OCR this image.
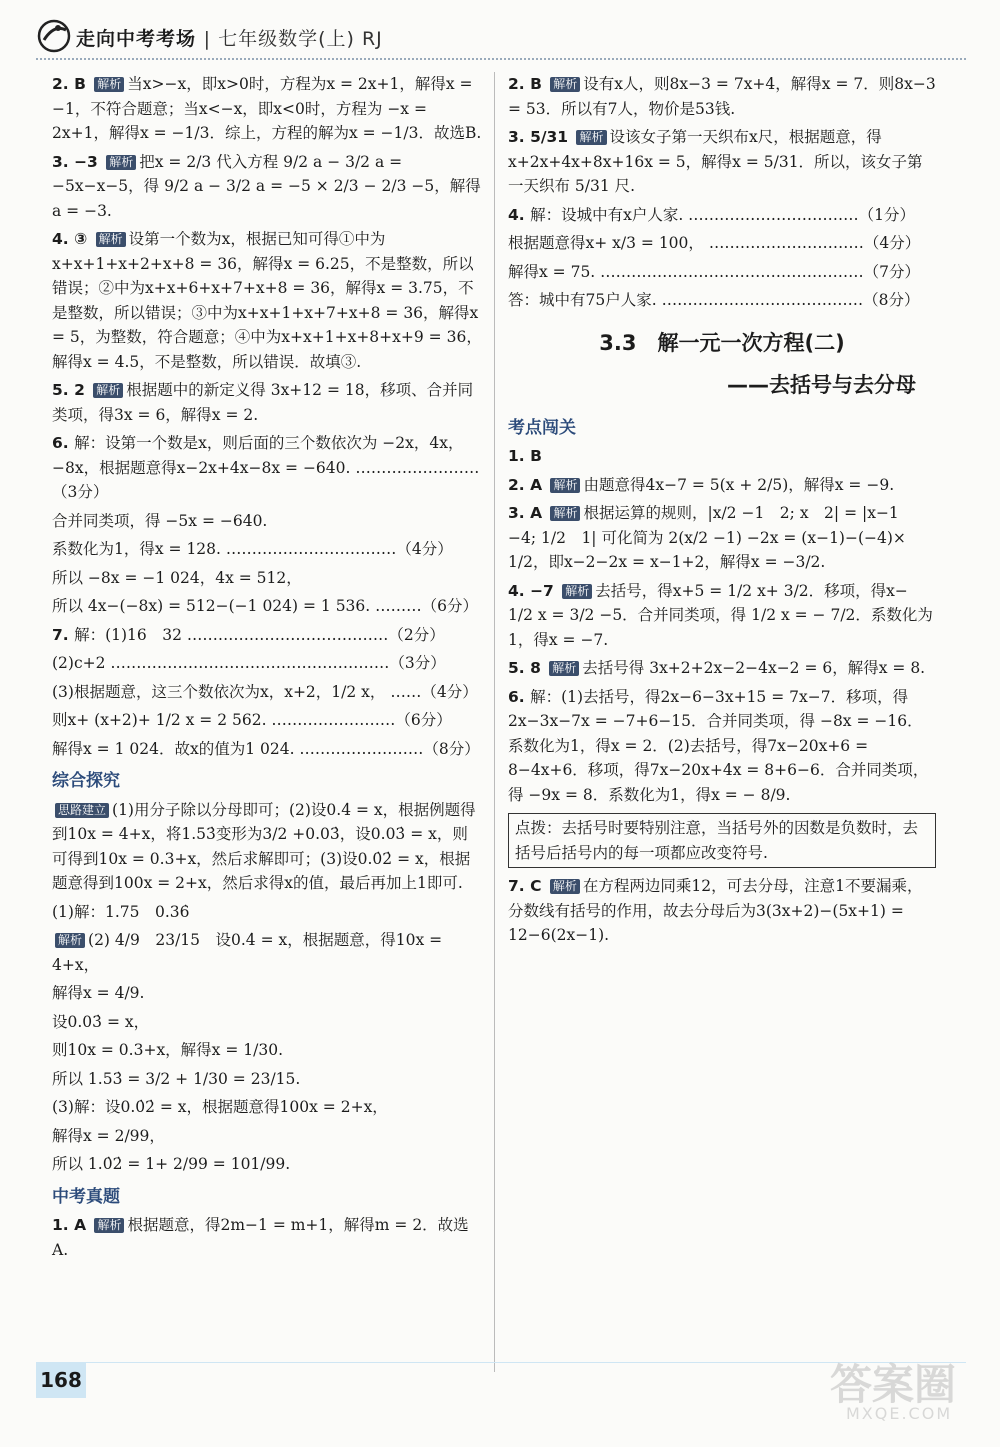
走向中考考场 | 七年级数学(上) RJ
2. B 解析 当x>−x，即x>0时，方程为x = 2x+1，解得x = −1，不符合题意；当x<−x，即x<0时，方程为 −x = 2x+1，解得x = −1/3．综上，方程的解为x = −1/3．故选B.
3. −3 解析 把x = 2/3 代入方程 9/2 a − 3/2 a = −5x−x−5，得 9/2 a − 3/2 a = −5 × 2/3 − 2/3 −5，解得a = −3.
4. ③ 解析 设第一个数为x，根据已知可得①中为x+x+1+x+2+x+8 = 36，解得x = 6.25，不是整数，所以错误；②中为x+x+6+x+7+x+8 = 36，解得x = 3.75，不是整数，所以错误；③中为x+x+1+x+7+x+8 = 36，解得x = 5，为整数，符合题意；④中为x+x+1+x+8+x+9 = 36，解得x = 4.5，不是整数，所以错误．故填③.
5. 2 解析 根据题中的新定义得 3x+12 = 18，移项、合并同类项，得3x = 6，解得x = 2.
6. 解：设第一个数是x，则后面的三个数依次为 −2x，4x，−8x，根据题意得x−2x+4x−8x = −640. ……………………（3分）
合并同类项，得 −5x = −640.
系数化为1，得x = 128. ……………………………（4分）
所以 −8x = −1 024，4x = 512，
所以 4x−(−8x) = 512−(−1 024) = 1 536. ………（6分）
7. 解：(1)16　32 …………………………………（2分）
(2)c+2 ………………………………………………（3分）
(3)根据题意，这三个数依次为x，x+2，1/2 x， ……（4分）
则x+ (x+2)+ 1/2 x = 2 562. ……………………（6分）
解得x = 1 024．故x的值为1 024. ……………………（8分）
综合探究
思路建立 (1)用分子除以分母即可；(2)设0.4̇ = x，根据例题得到10x = 4+x，将1.53̇变形为3/2 +0.03̇，设0.03̇ = x，则可得到10x = 0.3+x，然后求解即可；(3)设0.0̇2̇ = x，根据题意得到100x = 2+x，然后求得x的值，最后再加上1即可.
(1)解：1.75　0.36̇
解析 (2) 4/9　23/15　设0.4̇ = x，根据题意，得10x = 4+x，
解得x = 4/9.
设0.03̇ = x，
则10x = 0.3+x，解得x = 1/30.
所以 1.53̇ = 3/2 + 1/30 = 23/15.
(3)解：设0.0̇2̇ = x，根据题意得100x = 2+x，
解得x = 2/99，
所以 1.0̇2̇ = 1+ 2/99 = 101/99.
中考真题
1. A 解析 根据题意，得2m−1 = m+1，解得m = 2．故选A.
2. B 解析 设有x人，则8x−3 = 7x+4，解得x = 7．则8x−3 = 53．所以有7人，物价是53钱.
3. 5/31 解析 设该女子第一天织布x尺，根据题意，得 x+2x+4x+8x+16x = 5，解得x = 5/31．所以，该女子第一天织布 5/31 尺.
4. 解：设城中有x户人家. ……………………………（1分）
根据题意得x+ x/3 = 100， …………………………（4分）
解得x = 75. ……………………………………………（7分）
答：城中有75户人家. …………………………………（8分）
3.3　解一元一次方程(二)
——去括号与去分母
考点闯关
1. B
2. A 解析 由题意得4x−7 = 5(x + 2/5)，解得x = −9.
3. A 解析 根据运算的规则，|x/2 −1　2; x　2| = |x−1　−4; 1/2　1| 可化简为 2(x/2 −1) −2x = (x−1)−(−4)× 1/2，即x−2−2x = x−1+2，解得x = −3/2.
4. −7 解析 去括号，得x+5 = 1/2 x+ 3/2．移项，得x− 1/2 x = 3/2 −5．合并同类项，得 1/2 x = − 7/2．系数化为1，得x = −7.
5. 8 解析 去括号得 3x+2+2x−2−4x−2 = 6，解得x = 8.
6. 解：(1)去括号，得2x−6−3x+15 = 7x−7．移项，得2x−3x−7x = −7+6−15．合并同类项，得 −8x = −16．系数化为1，得x = 2．(2)去括号，得7x−20x+6 = 8−4x+6．移项，得7x−20x+4x = 8+6−6．合并同类项，得 −9x = 8．系数化为1，得x = − 8/9.
点拨：去括号时要特别注意，当括号外的因数是负数时，去括号后括号内的每一项都应改变符号.
7. C 解析 在方程两边同乘12，可去分母，注意1不要漏乘，分数线有括号的作用，故去分母后为3(3x+2)−(5x+1) = 12−6(2x−1).
168	答案圈
MXQE.COM
